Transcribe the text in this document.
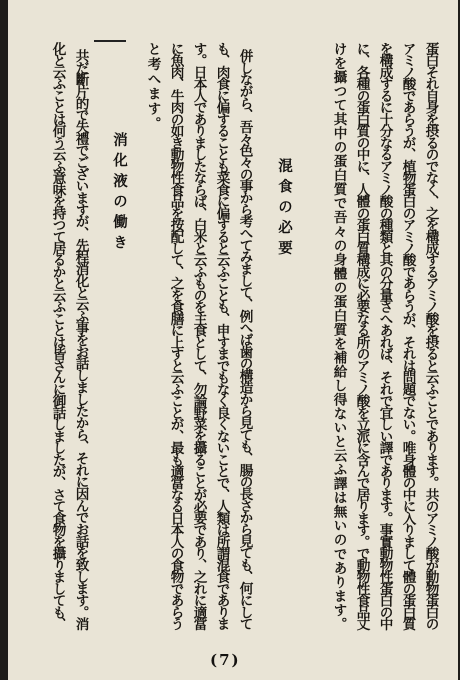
蛋白それ自身を摂るのでなく、之を構成するアミノ酸を摂ると云ふことであります。共のアミノ酸が動物蛋白の
アミノ酸であらうが、植物蛋白のアミノ酸であらうが、それは問題でない。唯身體の中に入りまして體の蛋白質
を構成するに十分なるアミノ酸の種類と其の分量さへあれば、それで宜しい譯であります。事實動物性蛋白の中
に、各種の蛋白質の中に、人體の蛋白質構成に必要なる所のアミノ酸を立派に含んで居ります。で動物性食品丈
けを攝つて其中の蛋白質で吾々の身體の蛋白質を補給し得ないと云ふ譯は無いのであります。
混食の必要
併しながら、吾々色々の事から考へてみまして、例へば歯の構造から見ても、腸の長さから見ても、何にして
も、肉食に偏することも菜食に偏すると云ふことも、申すまでもなく良くないことで、人類は所謂混食でありま
す。日本人でありましたならば、白米と云ふものを主食として、勿論野菜を攝ることが必要であり、之れに適當
に魚肉、牛肉の如き動物性食品を按配して、之を食膳に上すと云ふことが、最も適當なる日本人の食物であらう
と考へます。
消化液の働き
共だ斷片的で失禮でございますが、先程消化と云ふ事をお話しましたから、それに因んでお話を致します。消
化と云ふことは何う云ふ意味を持つて居るかと云ふことは皆さんに御話しましたが、さて食物を攝りましても、
(7)
